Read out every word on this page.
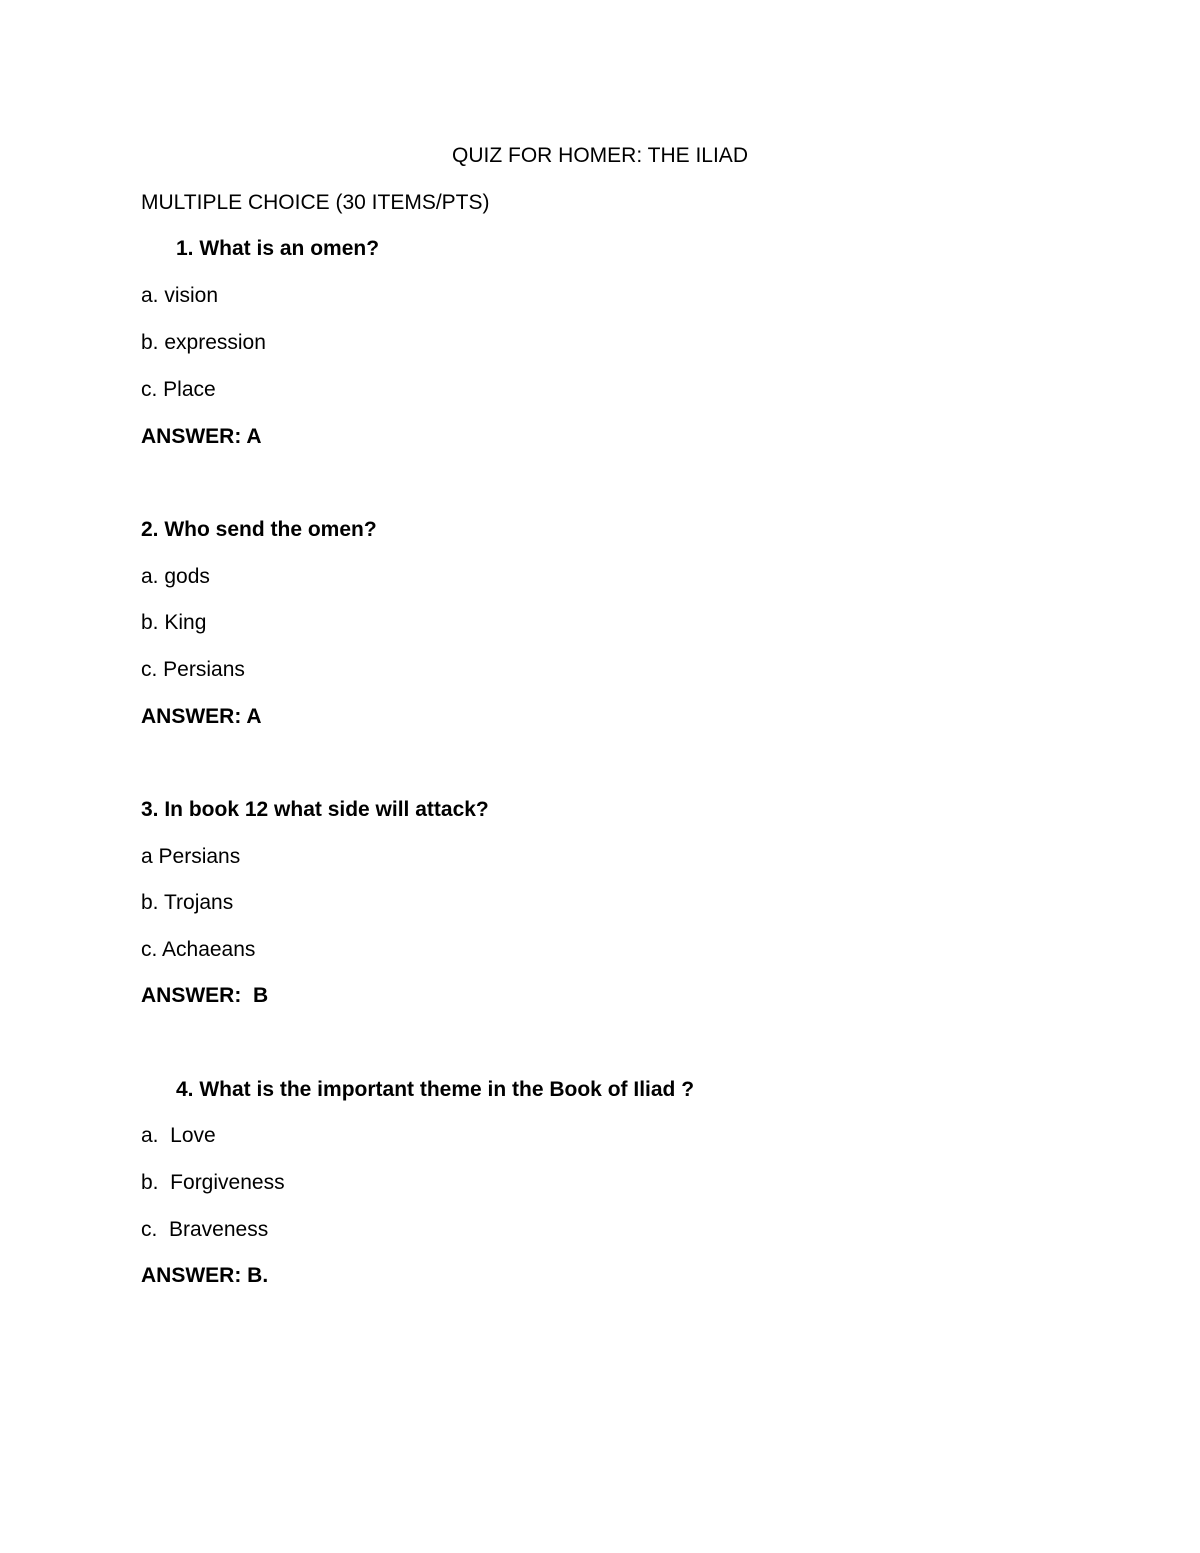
QUIZ FOR HOMER: THE ILIAD
MULTIPLE CHOICE (30 ITEMS/PTS)
1. What is an omen?
a. vision
b. expression
c. Place
ANSWER: A
2. Who send the omen?
a. gods
b. King
c. Persians
ANSWER: A
3. In book 12 what side will attack?
a Persians
b. Trojans
c. Achaeans
ANSWER:  B
4. What is the important theme in the Book of Iliad ?
a.  Love
b.  Forgiveness
c.  Braveness
ANSWER: B.
